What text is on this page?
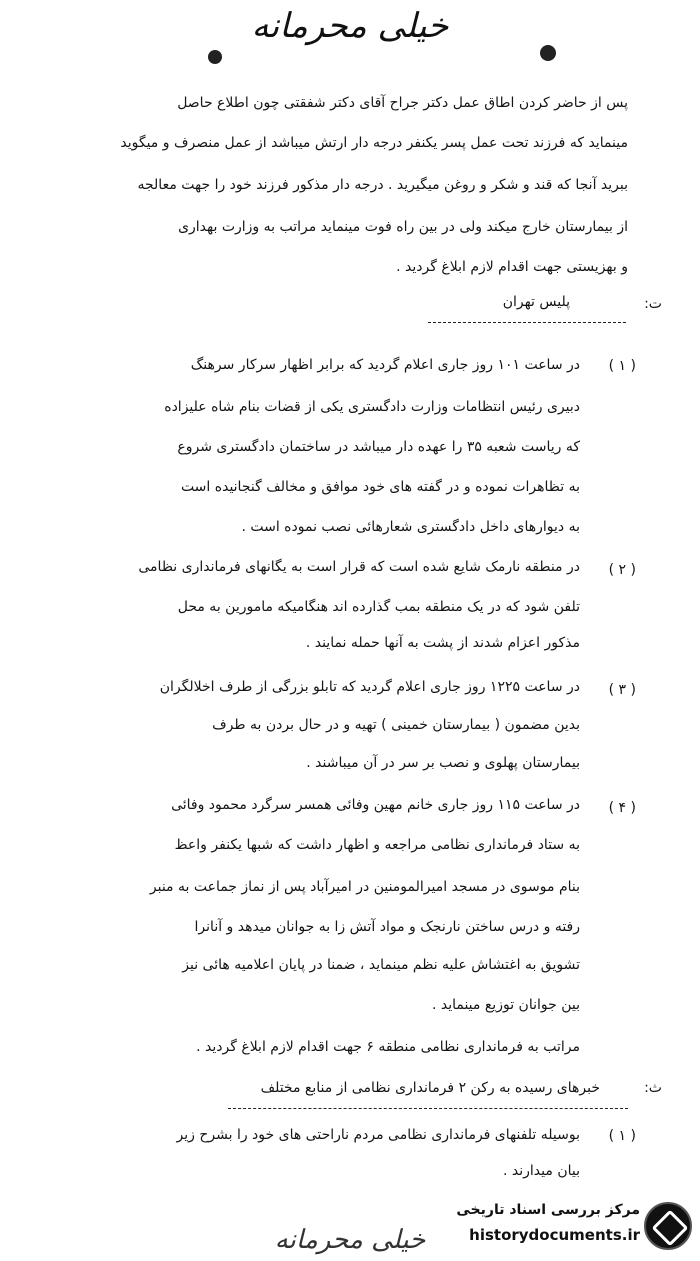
خیلی محرمانه
پس از حاضر کردن اطاق عمل دکتر جراح آقای دکتر شفقتی چون اطلاع حاصل
مینماید که فرزند تحت عمل پسر یکنفر درجه دار ارتش میباشد از عمل منصرف و میگوید
ببرید آنجا که قند و شکر و روغن میگیرید . درجه دار مذکور فرزند خود را جهت معالجه
از بیمارستان خارج میکند ولی در بین راه فوت مینماید مراتب به وزارت بهداری
و بهزیستی جهت اقدام لازم ابلاغ گردید .
ت:
پلیس تهران
( ۱ )
در ساعت ۱۰۱ روز جاری اعلام گردید که برابر اظهار سرکار سرهنگ
دبیری رئیس انتظامات وزارت دادگستری یکی از قضات بنام شاه علیزاده
که ریاست شعبه ۳۵ را عهده دار میباشد در ساختمان دادگستری شروع
به تظاهرات نموده و در گفته های خود موافق و مخالف گنجانیده است
به دیوارهای داخل دادگستری شعارهائی نصب نموده است .
( ۲ )
در منطقه نارمک شایع شده است که قرار است به یگانهای فرمانداری نظامی
تلفن شود که در یک منطقه بمب گذارده اند هنگامیکه مامورین به محل
مذکور اعزام شدند از پشت به آنها حمله نمایند .
( ۳ )
در ساعت ۱۲۲۵ روز جاری اعلام گردید که تابلو بزرگی از طرف اخلالگران
بدین مضمون ( بیمارستان خمینی ) تهیه و در حال بردن به طرف
بیمارستان پهلوی و نصب بر سر در آن میباشند .
( ۴ )
در ساعت ۱۱۵ روز جاری خانم مهین وفائی همسر سرگرد محمود وفائی
به ستاد فرمانداری نظامی مراجعه و اظهار داشت که شبها یکنفر واعظ
بنام موسوی در مسجد امیرالمومنین در امیرآباد پس از نماز جماعت به منبر
رفته و درس ساختن نارنجک و مواد آتش زا به جوانان میدهد و آنانرا
تشویق به اغتشاش علیه نظم مینماید ، ضمنا در پایان اعلامیه هائی نیز
بین جوانان توزیع مینماید .
مراتب به فرمانداری نظامی منطقه ۶ جهت اقدام لازم ابلاغ گردید .
ث:
خبرهای رسیده به رکن ۲ فرمانداری نظامی از منابع مختلف
( ۱ )
بوسیله تلفنهای فرمانداری نظامی مردم ناراحتی های خود را بشرح زیر
بیان میدارند .
خیلی محرمانه
مرکز بررسی اسناد تاریخی
historydocuments.ir
